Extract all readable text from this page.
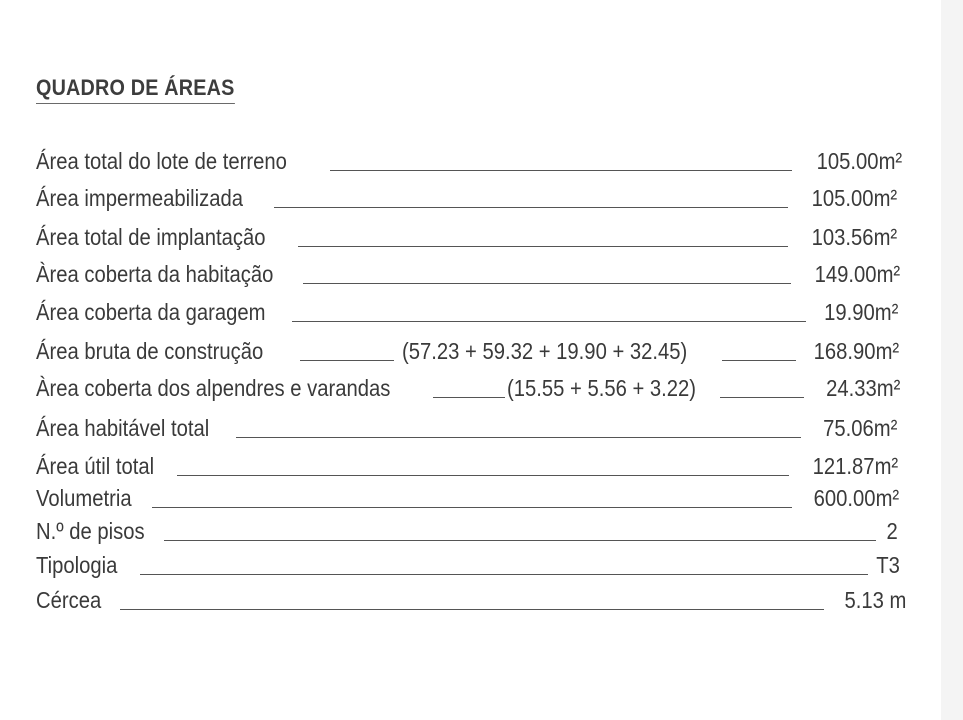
QUADRO DE ÁREAS
Área total do lote de terreno	105.00m²
Área impermeabilizada	105.00m²
Área total de implantação	103.56m²
Àrea coberta da habitação	149.00m²
Área coberta da garagem	19.90m²
Área bruta de construção	(57.23 + 59.32 + 19.90 + 32.45)	168.90m²
Àrea coberta dos alpendres e varandas	(15.55 + 5.56 + 3.22)	24.33m²
Área habitável total	75.06m²
Área útil total	121.87m²
Volumetria	600.00m²
N.º de pisos	2
Tipologia	T3
Cércea	5.13 m
